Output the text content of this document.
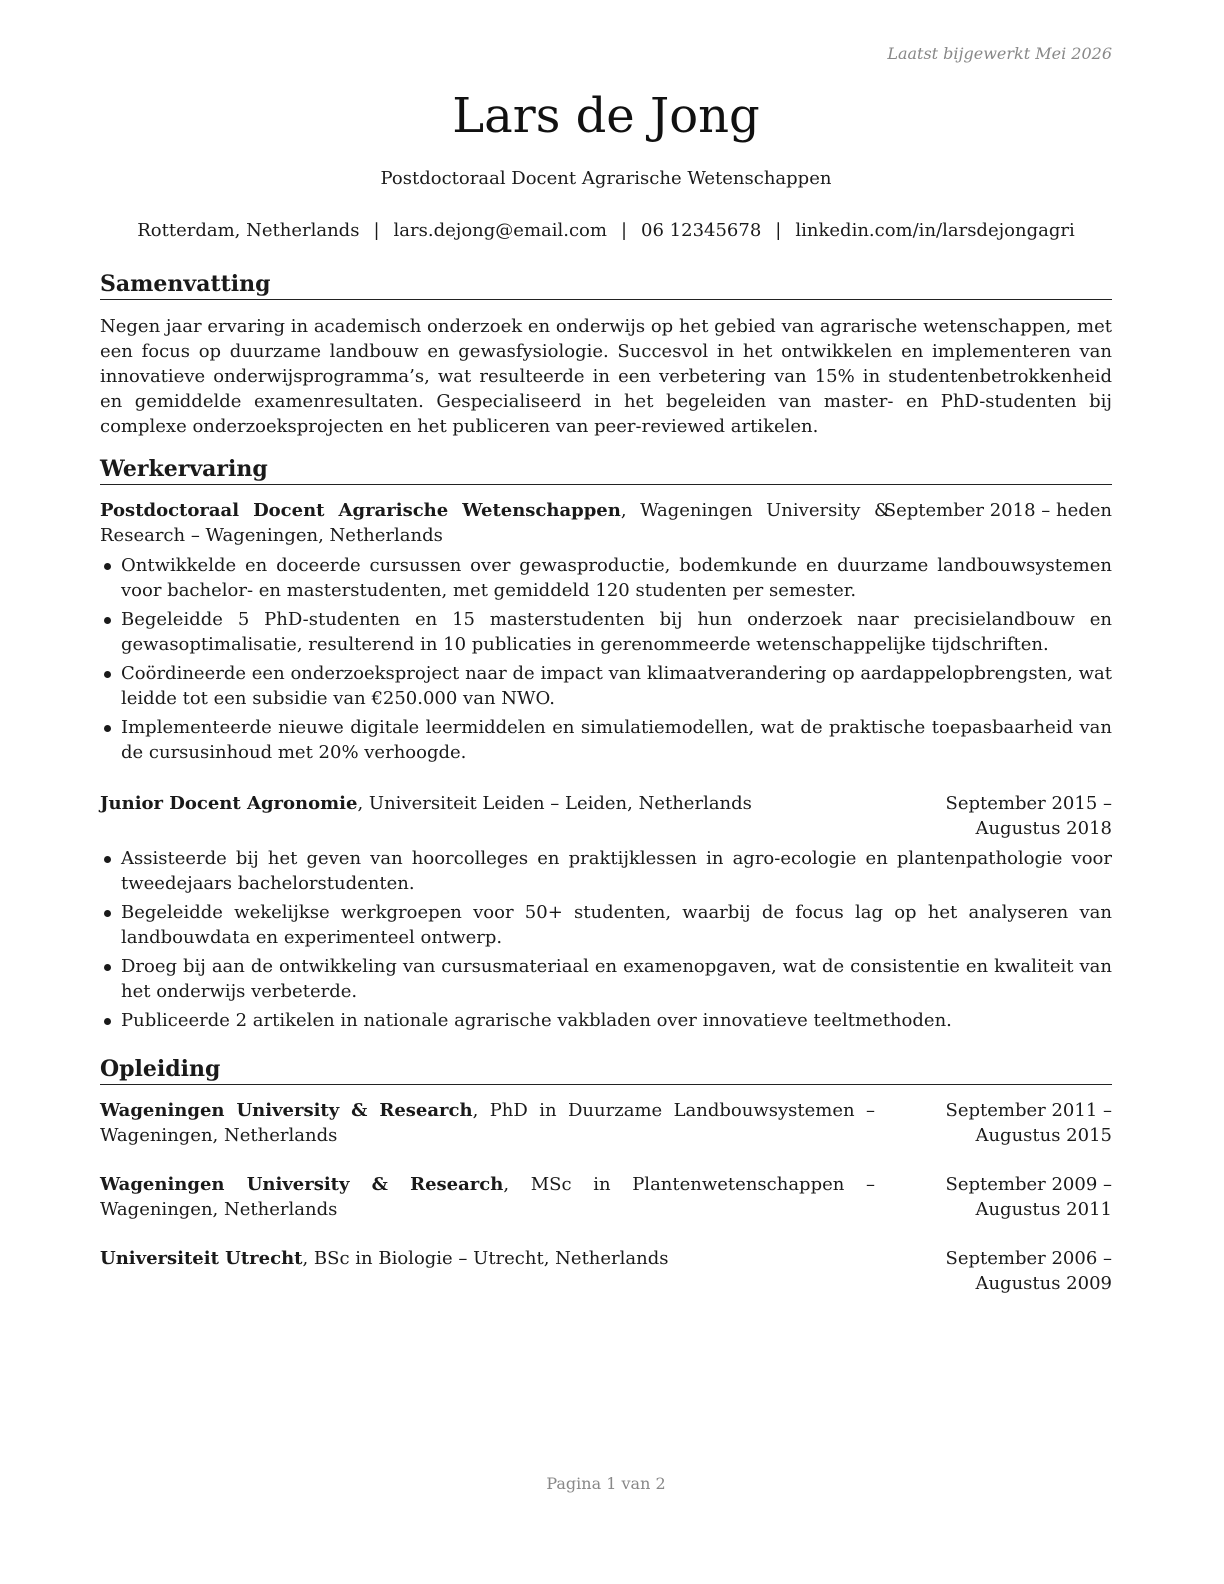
Laatst bijgewerkt Mei 2026
Lars de Jong
Postdoctoraal Docent Agrarische Wetenschappen
Rotterdam, Netherlands | lars.dejong@email.com | 06 12345678 | linkedin.com/in/larsdejongagri
Samenvatting
Negen jaar ervaring in academisch onderzoek en onderwijs op het gebied van agrarische wetenschappen, met een focus op duurzame landbouw en gewasfysiologie. Succesvol in het ontwikkelen en implementeren van innovatieve onderwijsprogramma’s, wat resulteerde in een verbetering van 15% in studentenbetrokkenheid en gemiddelde examenresultaten. Gespecialiseerd in het begeleiden van master- en PhD-studenten bij complexe onderzoeksprojecten en het publiceren van peer-reviewed artikelen.
Werkervaring
Postdoctoraal Docent Agrarische Wetenschappen, Wageningen University & Research – Wageningen, Netherlands
September 2018 – heden
Ontwikkelde en doceerde cursussen over gewasproductie, bodemkunde en duurzame landbouwsystemen voor bachelor- en masterstudenten, met gemiddeld 120 studenten per semester.
Begeleidde 5 PhD-studenten en 15 masterstudenten bij hun onderzoek naar precisielandbouw en gewasoptimalisatie, resulterend in 10 publicaties in gerenommeerde wetenschappelijke tijdschriften.
Coördineerde een onderzoeksproject naar de impact van klimaatverandering op aardappelopbrengsten, wat leidde tot een subsidie van €250.000 van NWO.
Implementeerde nieuwe digitale leermiddelen en simulatiemodellen, wat de praktische toepasbaarheid van de cursusinhoud met 20% verhoogde.
Junior Docent Agronomie, Universiteit Leiden – Leiden, Netherlands	September 2015 – Augustus 2018
Assisteerde bij het geven van hoorcolleges en praktijklessen in agro-ecologie en plantenpathologie voor tweedejaars bachelorstudenten.
Begeleidde wekelijkse werkgroepen voor 50+ studenten, waarbij de focus lag op het analyseren van landbouwdata en experimenteel ontwerp.
Droeg bij aan de ontwikkeling van cursusmateriaal en examenopgaven, wat de consistentie en kwaliteit van het onderwijs verbeterde.
Publiceerde 2 artikelen in nationale agrarische vakbladen over innovatieve teeltmethoden.
Opleiding
Wageningen University & Research, PhD in Duurzame Landbouwsystemen – Wageningen, Netherlands
September 2011 – Augustus 2015
Wageningen University & Research, MSc in Plantenwetenschappen – Wageningen, Netherlands
September 2009 – Augustus 2011
Universiteit Utrecht, BSc in Biologie – Utrecht, Netherlands	September 2006 – Augustus 2009
Pagina 1 van 2
